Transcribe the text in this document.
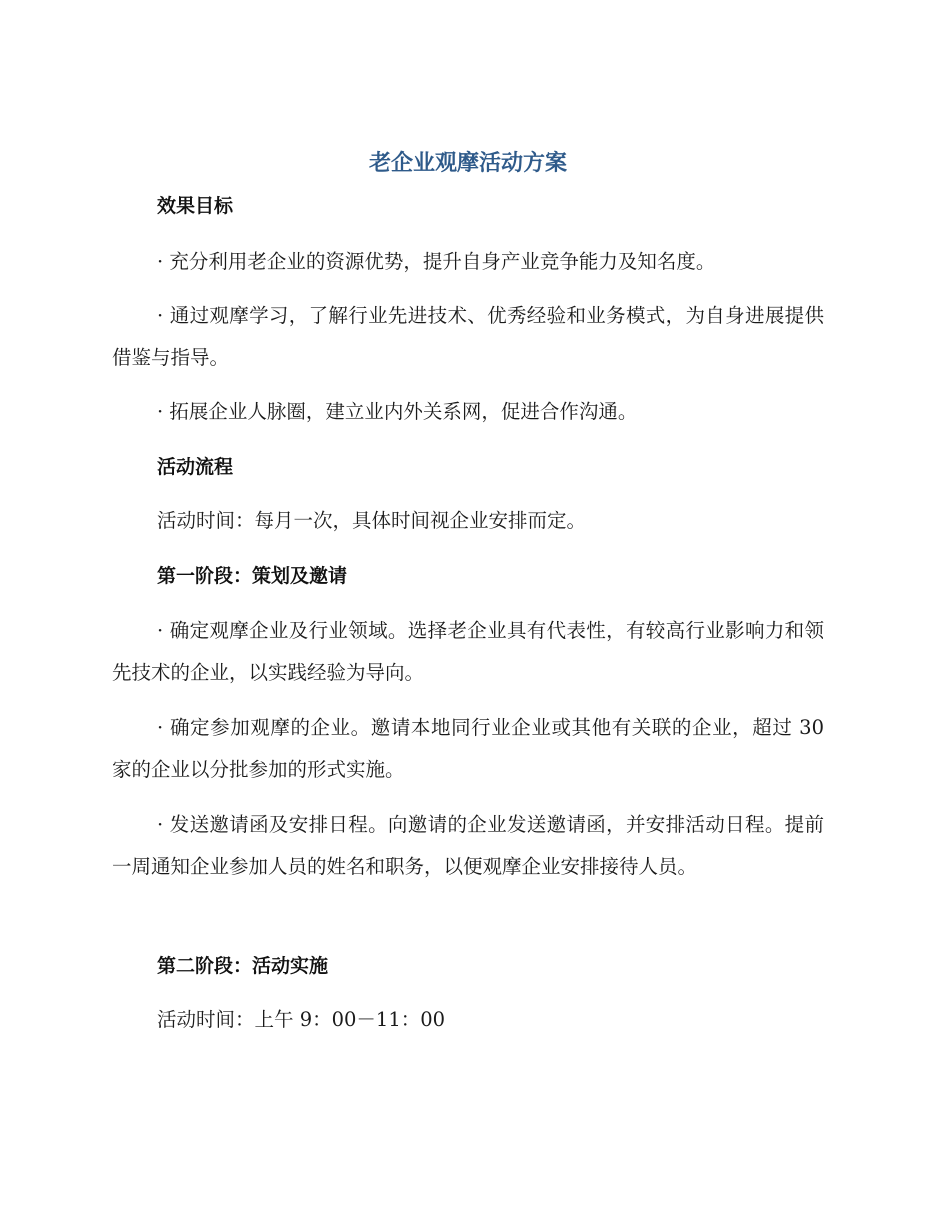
老企业观摩活动方案
效果目标

· 充分利用老企业的资源优势，提升自身产业竞争能力及知名度。

· 通过观摩学习，了解行业先进技术、优秀经验和业务模式，为自身进展提供借鉴与指导。

· 拓展企业人脉圈，建立业内外关系网，促进合作沟通。

活动流程

活动时间：每月一次，具体时间视企业安排而定。

第一阶段：策划及邀请

· 确定观摩企业及行业领域。选择老企业具有代表性，有较高行业影响力和领先技术的企业，以实践经验为导向。

· 确定参加观摩的企业。邀请本地同行业企业或其他有关联的企业，超过 30 家的企业以分批参加的形式实施。

· 发送邀请函及安排日程。向邀请的企业发送邀请函，并安排活动日程。提前一周通知企业参加人员的姓名和职务，以便观摩企业安排接待人员。

第二阶段：活动实施

活动时间：上午 9：00－11：00
